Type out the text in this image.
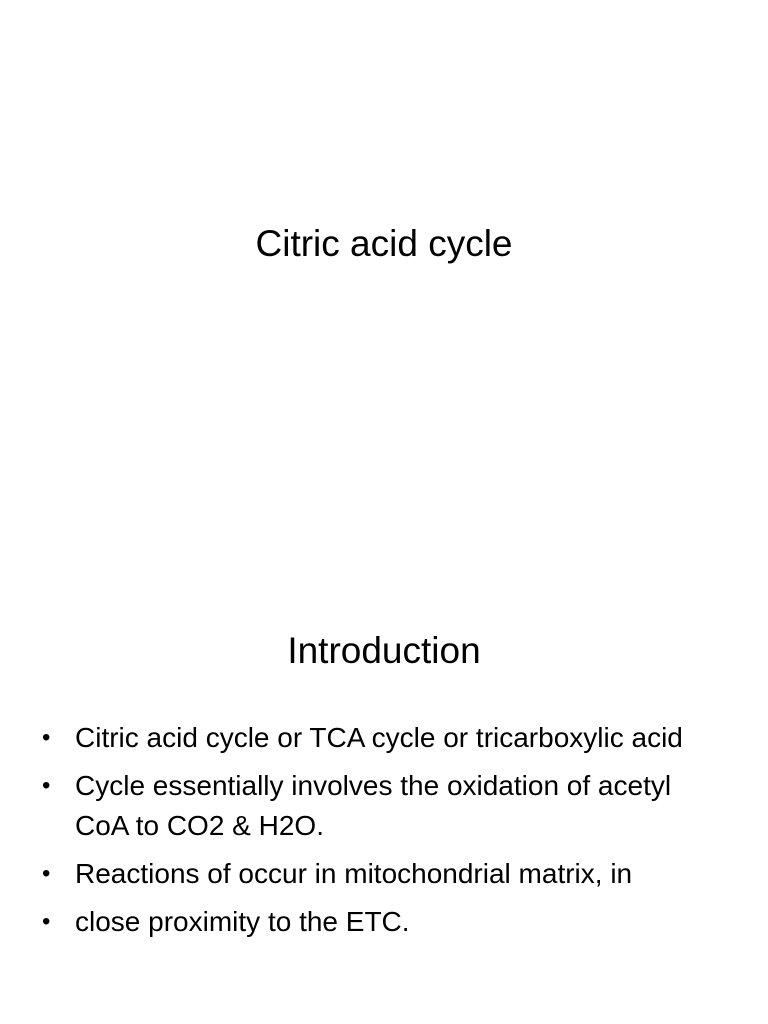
Citric acid cycle
Introduction
• Citric acid cycle or TCA cycle or tricarboxylic acid
• Cycle essentially involves the oxidation of acetyl CoA to CO2 & H2O.
• Reactions of occur in mitochondrial matrix, in
• close proximity to the ETC.
